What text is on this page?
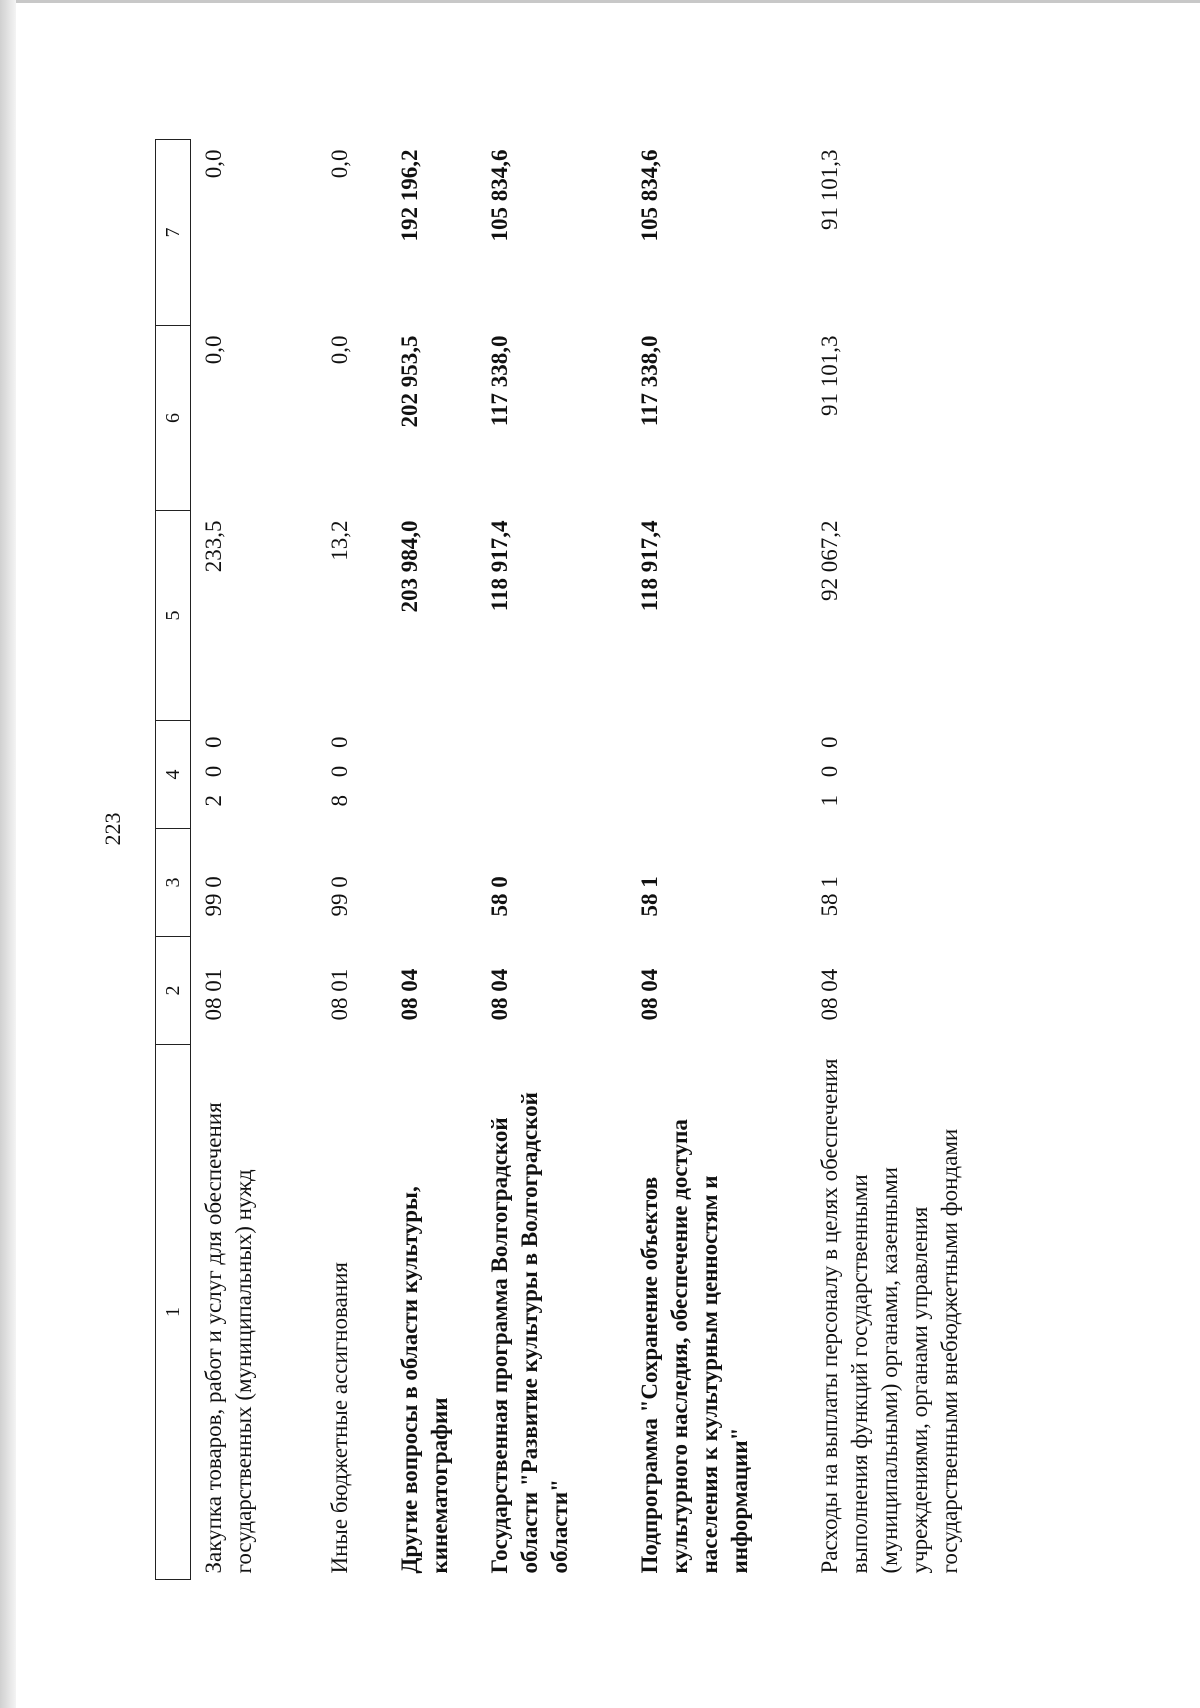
223
1	2	3	4	5	6	7
Закупка товаров, работ и услуг для обеспечения государственных (муниципальных) нужд	08 01	99 0	2 0 0	233,5	0,0	0,0
Иные бюджетные ассигнования	08 01	99 0	8 0 0	13,2	0,0	0,0
Другие вопросы в области культуры, кинематографии	08 04			203 984,0	202 953,5	192 196,2
Государственная программа Волгоградской области "Развитие культуры в Волгоградской области"	08 04	58 0		118 917,4	117 338,0	105 834,6
Подпрограмма "Сохранение объектов культурного наследия, обеспечение доступа населения к культурным ценностям и информации"	08 04	58 1		118 917,4	117 338,0	105 834,6
Расходы на выплаты персоналу в целях обеспечения выполнения функций государственными (муниципальными) органами, казенными учреждениями, органами управления государственными внебюджетными фондами	08 04	58 1	1 0 0	92 067,2	91 101,3	91 101,3
